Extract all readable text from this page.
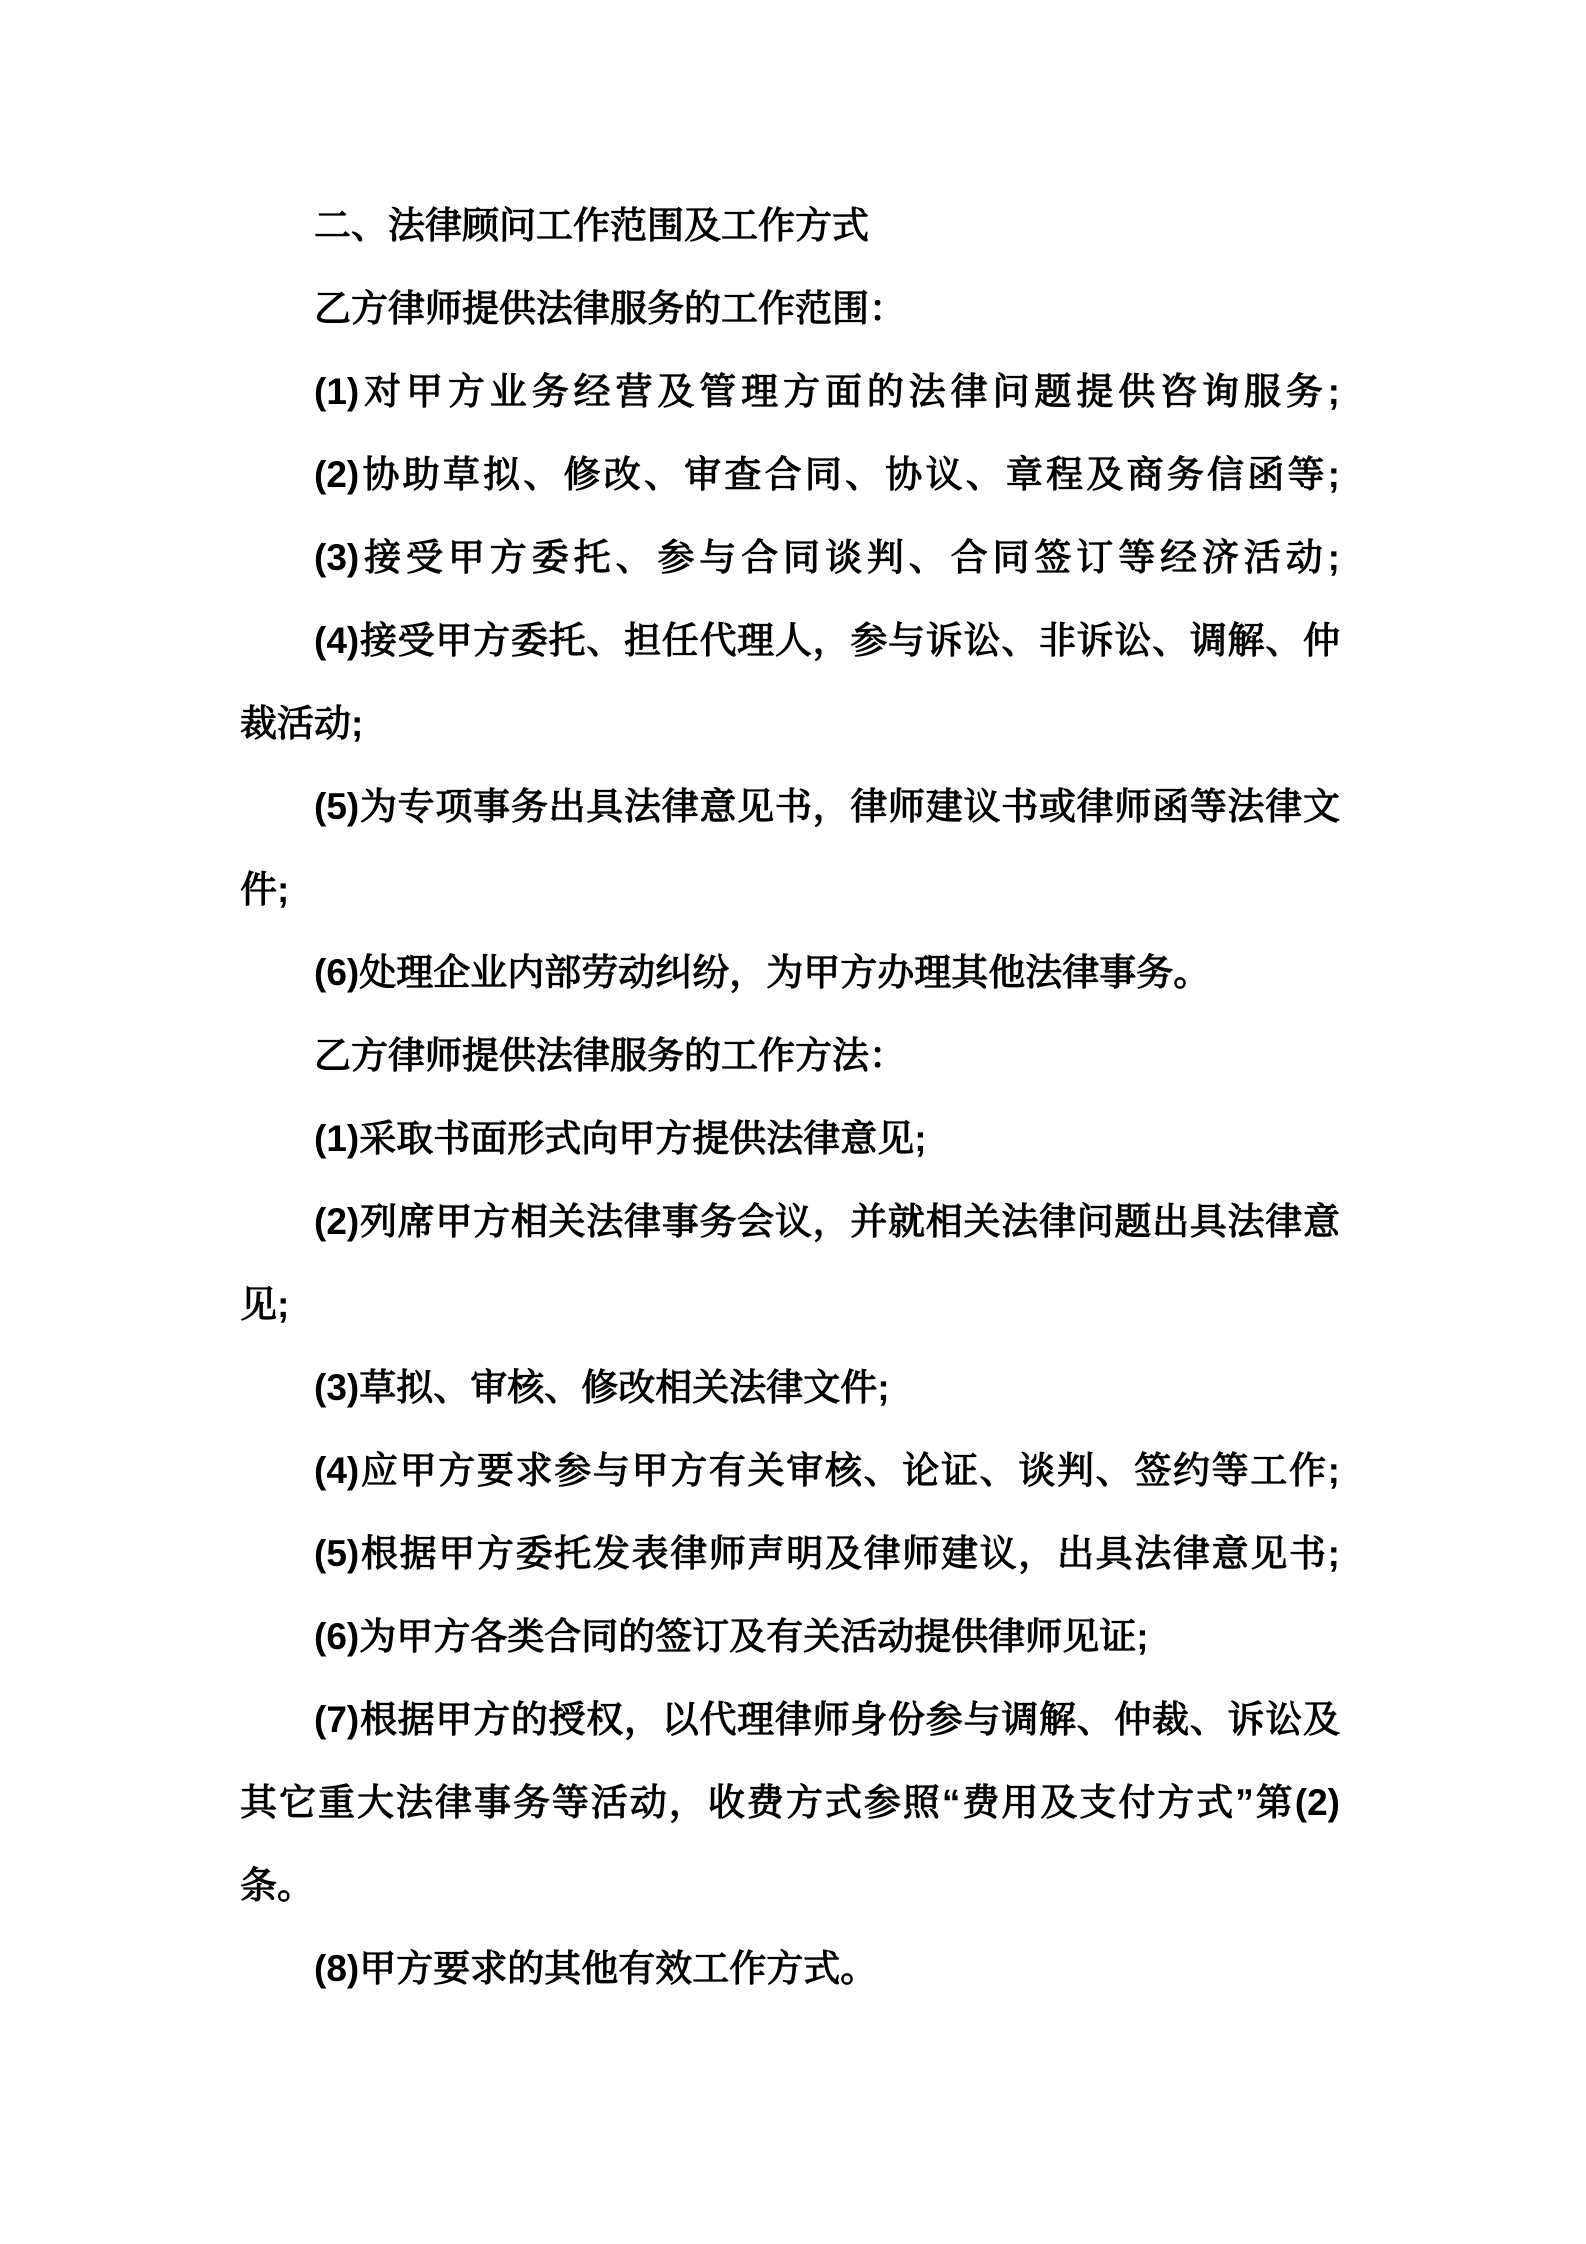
二、法律顾问工作范围及工作方式
乙方律师提供法律服务的工作范围：
(1)对甲方业务经营及管理方面的法律问题提供咨询服务;
(2)协助草拟、修改、审查合同、协议、章程及商务信函等;
(3)接受甲方委托、参与合同谈判、合同签订等经济活动;
(4)接受甲方委托、担任代理人，参与诉讼、非诉讼、调解、仲
裁活动;
(5)为专项事务出具法律意见书，律师建议书或律师函等法律文
件;
(6)处理企业内部劳动纠纷，为甲方办理其他法律事务。
乙方律师提供法律服务的工作方法：
(1)采取书面形式向甲方提供法律意见;
(2)列席甲方相关法律事务会议，并就相关法律问题出具法律意
见;
(3)草拟、审核、修改相关法律文件;
(4)应甲方要求参与甲方有关审核、论证、谈判、签约等工作;
(5)根据甲方委托发表律师声明及律师建议，出具法律意见书;
(6)为甲方各类合同的签订及有关活动提供律师见证;
(7)根据甲方的授权，以代理律师身份参与调解、仲裁、诉讼及
其它重大法律事务等活动，收费方式参照“费用及支付方式”第(2)
条。
(8)甲方要求的其他有效工作方式。
